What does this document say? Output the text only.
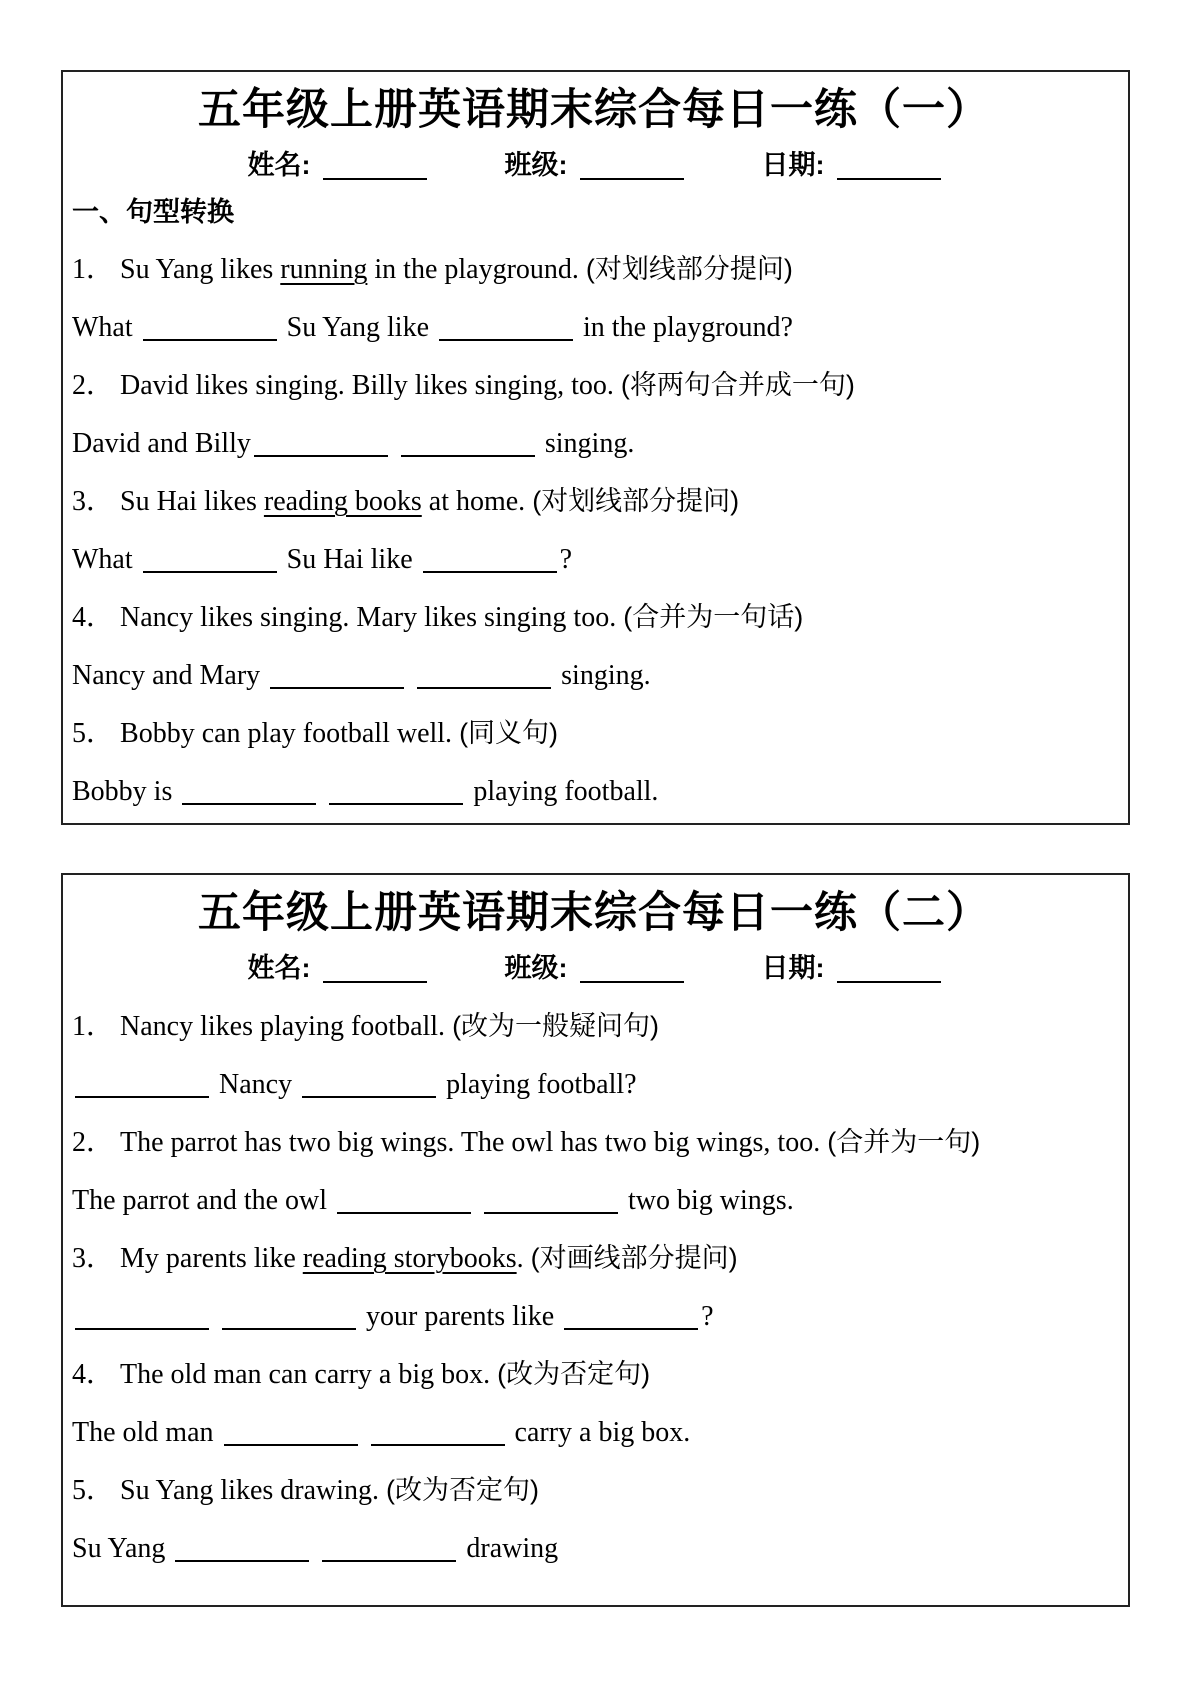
五年级上册英语期末综合每日一练（一）
姓名:	班级:	日期:
一、句型转换
1． Su Yang likes running in the playground. (对划线部分提问)
What	Su Yang like	in the playground?
2． David likes singing. Billy likes singing, too. (将两句合并成一句)
David and Billy	singing.
3． Su Hai likes reading books at home. (对划线部分提问)
What	Su Hai like	?
4． Nancy likes singing. Mary likes singing too. (合并为一句话)
Nancy and Mary	singing.
5． Bobby can play football well. (同义句)
Bobby is	playing football.
五年级上册英语期末综合每日一练（二）
姓名:	班级:	日期:
1． Nancy likes playing football. (改为一般疑问句)
Nancy	playing football?
2． The parrot has two big wings. The owl has two big wings, too. (合并为一句)
The parrot and the owl	two big wings.
3． My parents like reading storybooks. (对画线部分提问)
your parents like	?
4． The old man can carry a big box. (改为否定句)
The old man	carry a big box.
5． Su Yang likes drawing. (改为否定句)
Su Yang	drawing
